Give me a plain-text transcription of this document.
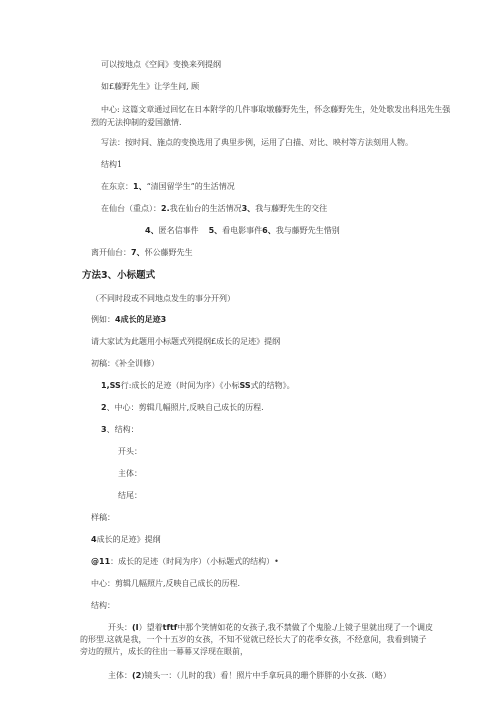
可以按地点《空间》变换来列提纲
如£藤野先生》让学生问, 顾
中心: 这篇文章通过回忆在日本附学的几件事取墩藤野先生，怀念藤野先生，处处歌发出科迅先生强烈的无法抑制的爱国激情.
写法：按时间、施点的变换选用了典里步例，运用了白描、对比、映村等方法刻用人物。
结构1
在东京：1、“清国留学生”的生活情况
在仙台（重点）：2.我在仙台的生活情况3、我与藤野先生的交往
4、匿名信事件 5、看电影事件6、我与藤野先生惜别
离开仙台：7、怀公藤野先生
方法3、小标题式
（不同时段或不同地点发生的事分开列）
例如：4成长的足迹3
请大家试为此题用小标题式列提纲£成长的足迹》提纲
初稿：《补全训修）
1,SS行:成长的足迹（时间为序）《小标SS式的结物》。
2、中心：剪辑几幅照片,反映自己成长的历程.
3、结构：
开头：
主体：
结尾：
样稿：
4成长的足迹》提纲
@11：成长的足迹（时间为序）（小标题式的结构）•
中心：剪辑几幅照片,反映自己成长的历程.
结构：
开头：(I）望着tftf中那个笑情如花的女孩子,我不禁做了个鬼脸./上镜子里就出现了一个调皮的形型.这就是我，一个十五岁的女孩，不知不觉就已经长大了的花季女孩，不经意间，我看到镜子旁边的照片，成长的往出一幕幕又浮现在眼前，
主体：(2)镜头一：（儿时的我）看！照片中手拿玩具的珊个胖胖的小女孩.（略）
